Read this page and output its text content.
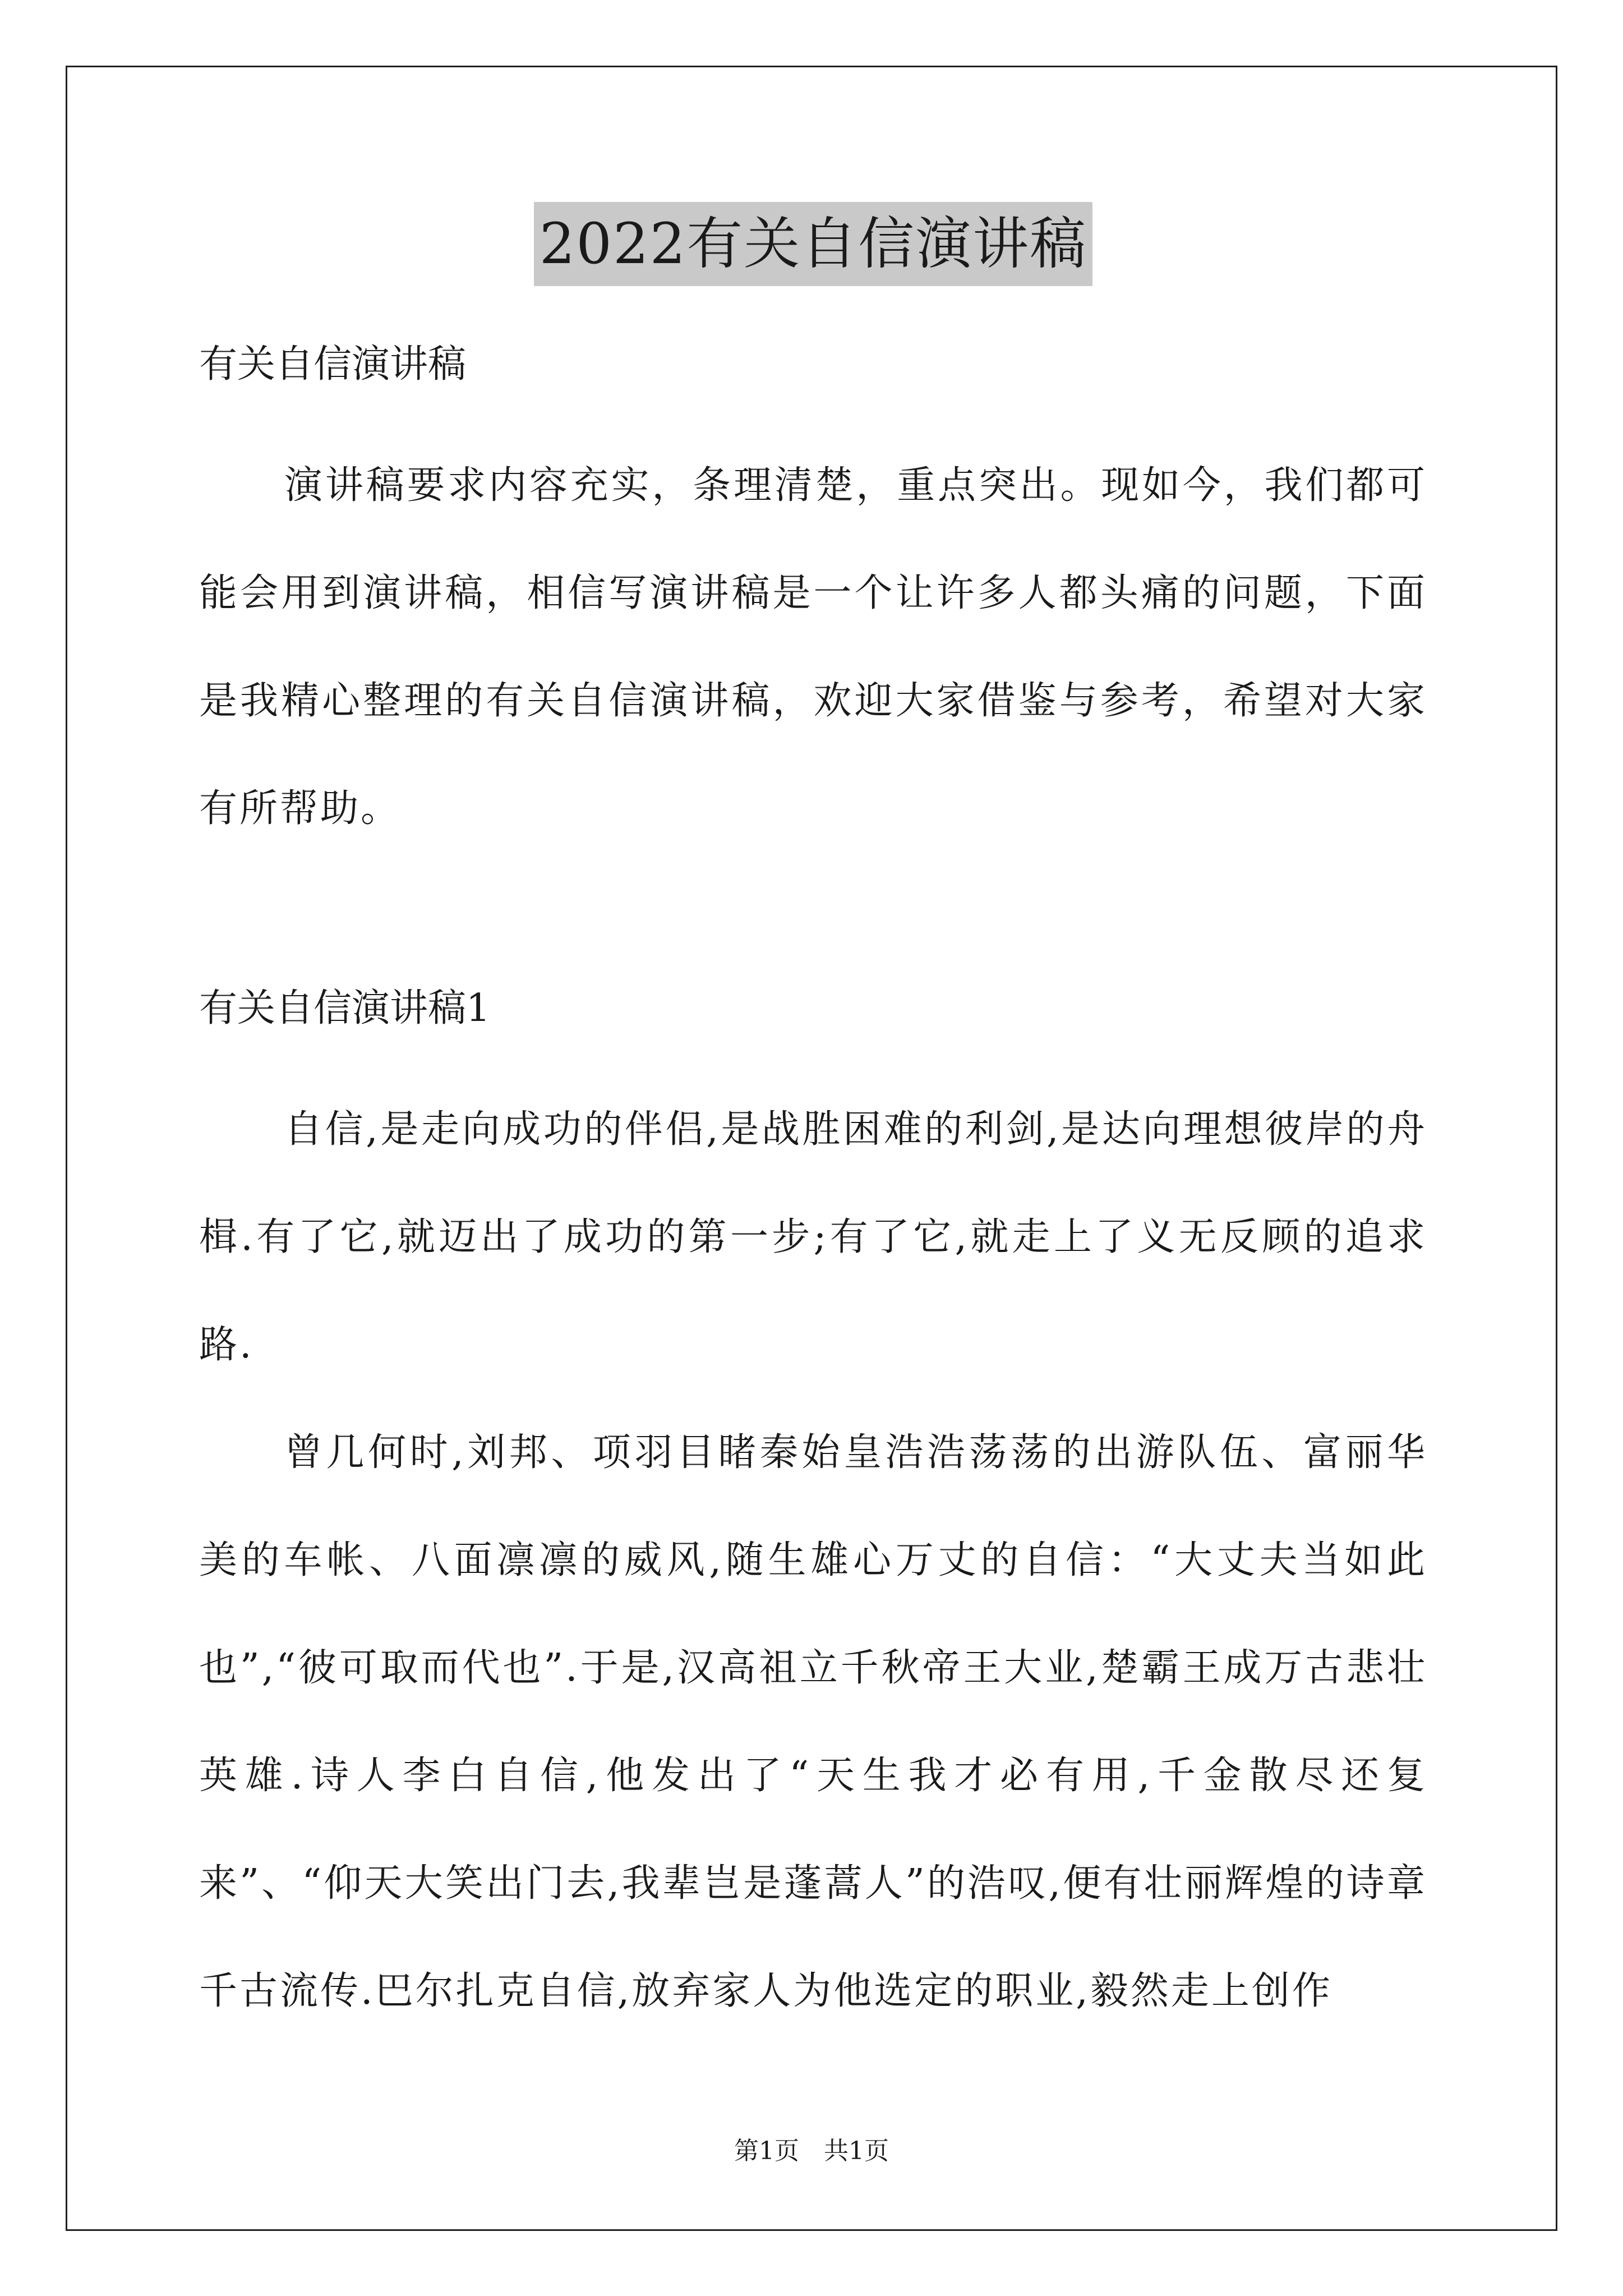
2022有关自信演讲稿
有关自信演讲稿

演讲稿要求内容充实，条理清楚，重点突出。现如今，我们都可能会用到演讲稿，相信写演讲稿是一个让许多人都头痛的问题，下面是我精心整理的有关自信演讲稿，欢迎大家借鉴与参考，希望对大家有所帮助。

有关自信演讲稿1

自信,是走向成功的伴侣,是战胜困难的利剑,是达向理想彼岸的舟楫.有了它,就迈出了成功的第一步;有了它,就走上了义无反顾的追求路.

曾几何时,刘邦、项羽目睹秦始皇浩浩荡荡的出游队伍、富丽华美的车帐、八面凛凛的威风,随生雄心万丈的自信：“大丈夫当如此也”,“彼可取而代也”.于是,汉高祖立千秋帝王大业,楚霸王成万古悲壮英雄.诗人李白自信,他发出了“天生我才必有用,千金散尽还复来”、“仰天大笑出门去,我辈岂是蓬蒿人”的浩叹,便有壮丽辉煌的诗章千古流传.巴尔扎克自信,放弃家人为他选定的职业,毅然走上创作

第1页　共1页
